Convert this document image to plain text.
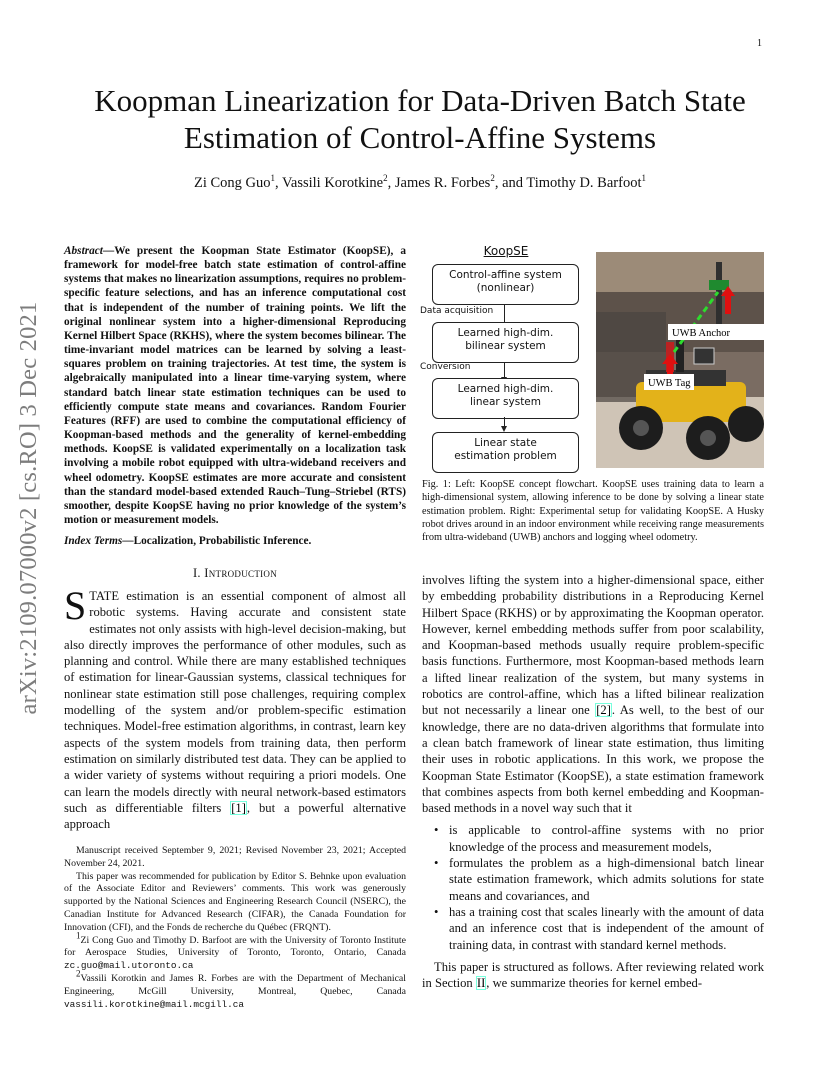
1
arXiv:2109.07000v2 [cs.RO] 3 Dec 2021
Koopman Linearization for Data-Driven Batch State
Estimation of Control-Affine Systems
Zi Cong Guo$^1$, Vassili Korotkine$^2$, James R. Forbes$^2$, and Timothy D. Barfoot$^1$
Abstract—We present the Koopman State Estimator (KoopSE), a framework for model-free batch state estimation of control-affine systems that makes no linearization assumptions, requires no problem-specific feature selections, and has an inference computational cost that is independent of the number of training points. We lift the original nonlinear system into a higher-dimensional Reproducing Kernel Hilbert Space (RKHS), where the system becomes bilinear. The time-invariant model matrices can be learned by solving a least-squares problem on training trajectories. At test time, the system is algebraically manipulated into a linear time-varying system, where standard batch linear state estimation techniques can be used to efficiently compute state means and covariances. Random Fourier Features (RFF) are used to combine the computational efficiency of Koopman-based methods and the generality of kernel-embedding methods. KoopSE is validated experimentally on a localization task involving a mobile robot equipped with ultra-wideband receivers and wheel odometry. KoopSE estimates are more accurate and consistent than the standard model-based extended Rauch–Tung–Striebel (RTS) smoother, despite KoopSE having no prior knowledge of the system’s motion or measurement models.
Index Terms—Localization, Probabilistic Inference.
I. Introduction
STATE estimation is an essential component of almost all robotic systems. Having accurate and consistent state estimates not only assists with high-level decision-making, but also directly improves the performance of other modules, such as planning and control. While there are many established techniques of estimation for linear-Gaussian systems, classical techniques for nonlinear state estimation still pose challenges, requiring complex modelling of the system and/or problem-specific estimation techniques. Model-free estimation algorithms, in contrast, learn key aspects of the system models from training data, then perform estimation on similarly distributed test data. They can be applied to a wider variety of systems without requiring a priori models. One can learn the models directly with neural network-based estimators such as differentiable filters [1], but a powerful alternative approach

Manuscript received September 9, 2021; Revised November 23, 2021; Accepted November 24, 2021.

This paper was recommended for publication by Editor S. Behnke upon evaluation of the Associate Editor and Reviewers’ comments. This work was generously supported by the National Sciences and Engineering Research Council (NSERC), the Canadian Institute for Advanced Research (CIFAR), the Canada Foundation for Innovation (CFI), and the Fonds de recherche du Québec (FRQNT).

$^1$Zi Cong Guo and Timothy D. Barfoot are with the University of Toronto Institute for Aerospace Studies, University of Toronto, Toronto, Ontario, Canada zc.guo@mail.utoronto.ca

$^2$Vassili Korotkin and James R. Forbes are with the Department of Mechanical Engineering, McGill University, Montreal, Quebec, Canada vassili.korotkine@mail.mcgill.ca

KoopSE
Control-affine system
(nonlinear)
Data acquisition
Learned high-dim.
bilinear system
Conversion
Learned high-dim.
linear system
Linear state
estimation problem
UWB Anchor
UWB Tag
Fig. 1: Left: KoopSE concept flowchart. KoopSE uses training data to learn a high-dimensional system, allowing inference to be done by solving a linear state estimation problem. Right: Experimental setup for validating KoopSE. A Husky robot drives around in an indoor environment while receiving range measurements from ultra-wideband (UWB) anchors and logging wheel odometry.

involves lifting the system into a higher-dimensional space, either by embedding probability distributions in a Reproducing Kernel Hilbert Space (RKHS) or by approximating the Koopman operator. However, kernel embedding methods suffer from poor scalability, and Koopman-based methods usually require problem-specific basis functions. Furthermore, most Koopman-based methods learn a lifted linear realization of the system, but many systems in robotics are control-affine, which has a lifted bilinear realization but not necessarily a linear one [2]. As well, to the best of our knowledge, there are no data-driven algorithms that formulate into a clean batch framework of linear state estimation, thus limiting their uses in robotic applications. In this work, we propose the Koopman State Estimator (KoopSE), a state estimation framework that combines aspects from both kernel embedding and Koopman-based methods in a novel way such that it

• is applicable to control-affine systems with no prior knowledge of the process and measurement models,
• formulates the problem as a high-dimensional batch linear state estimation framework, which admits solutions for state means and covariances, and
• has a training cost that scales linearly with the amount of data and an inference cost that is independent of the amount of training data, in contrast with standard kernel methods.

This paper is structured as follows. After reviewing related work in Section II, we summarize theories for kernel embed-
